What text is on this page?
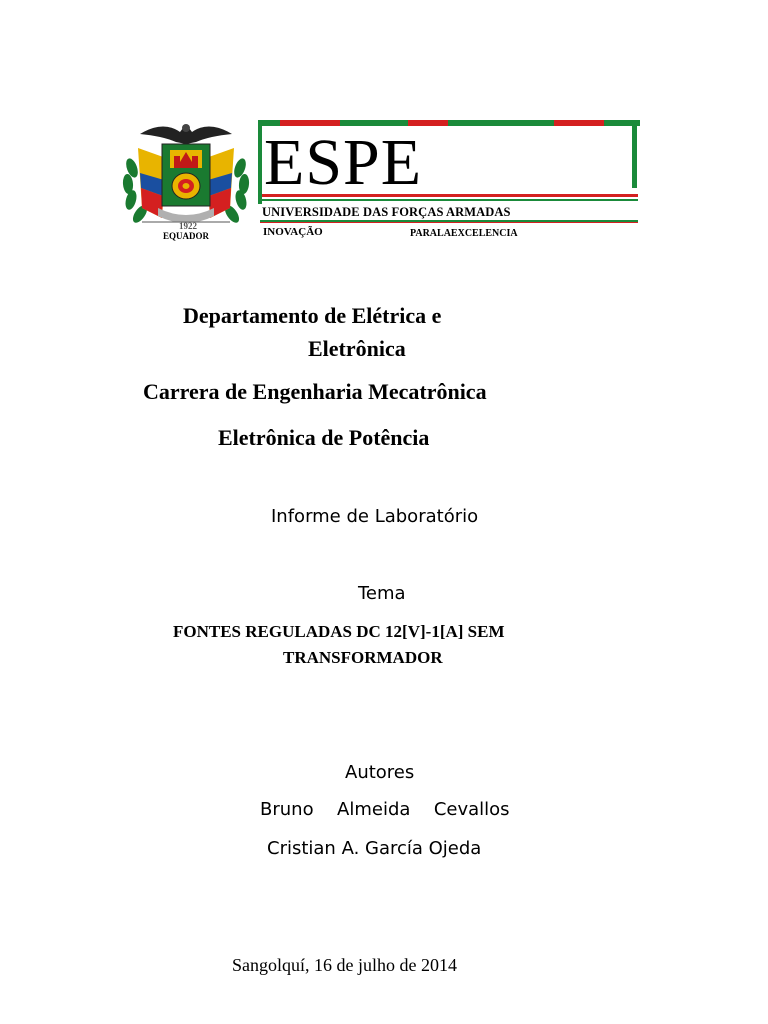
1922
EQUADOR
ESPE
UNIVERSIDADE DAS FORÇAS ARMADAS
INOVAÇÃO	PARALAEXCELENCIA
Departamento de Elétrica e
Eletrônica
Carrera de Engenharia Mecatrônica
Eletrônica de Potência
Informe de Laboratório
Tema
FONTES REGULADAS DC 12[V]-1[A] SEM
TRANSFORMADOR
Autores
Bruno  Almeida  Cevallos
Cristian A. García Ojeda
Sangolquí, 16 de julho de 2014
